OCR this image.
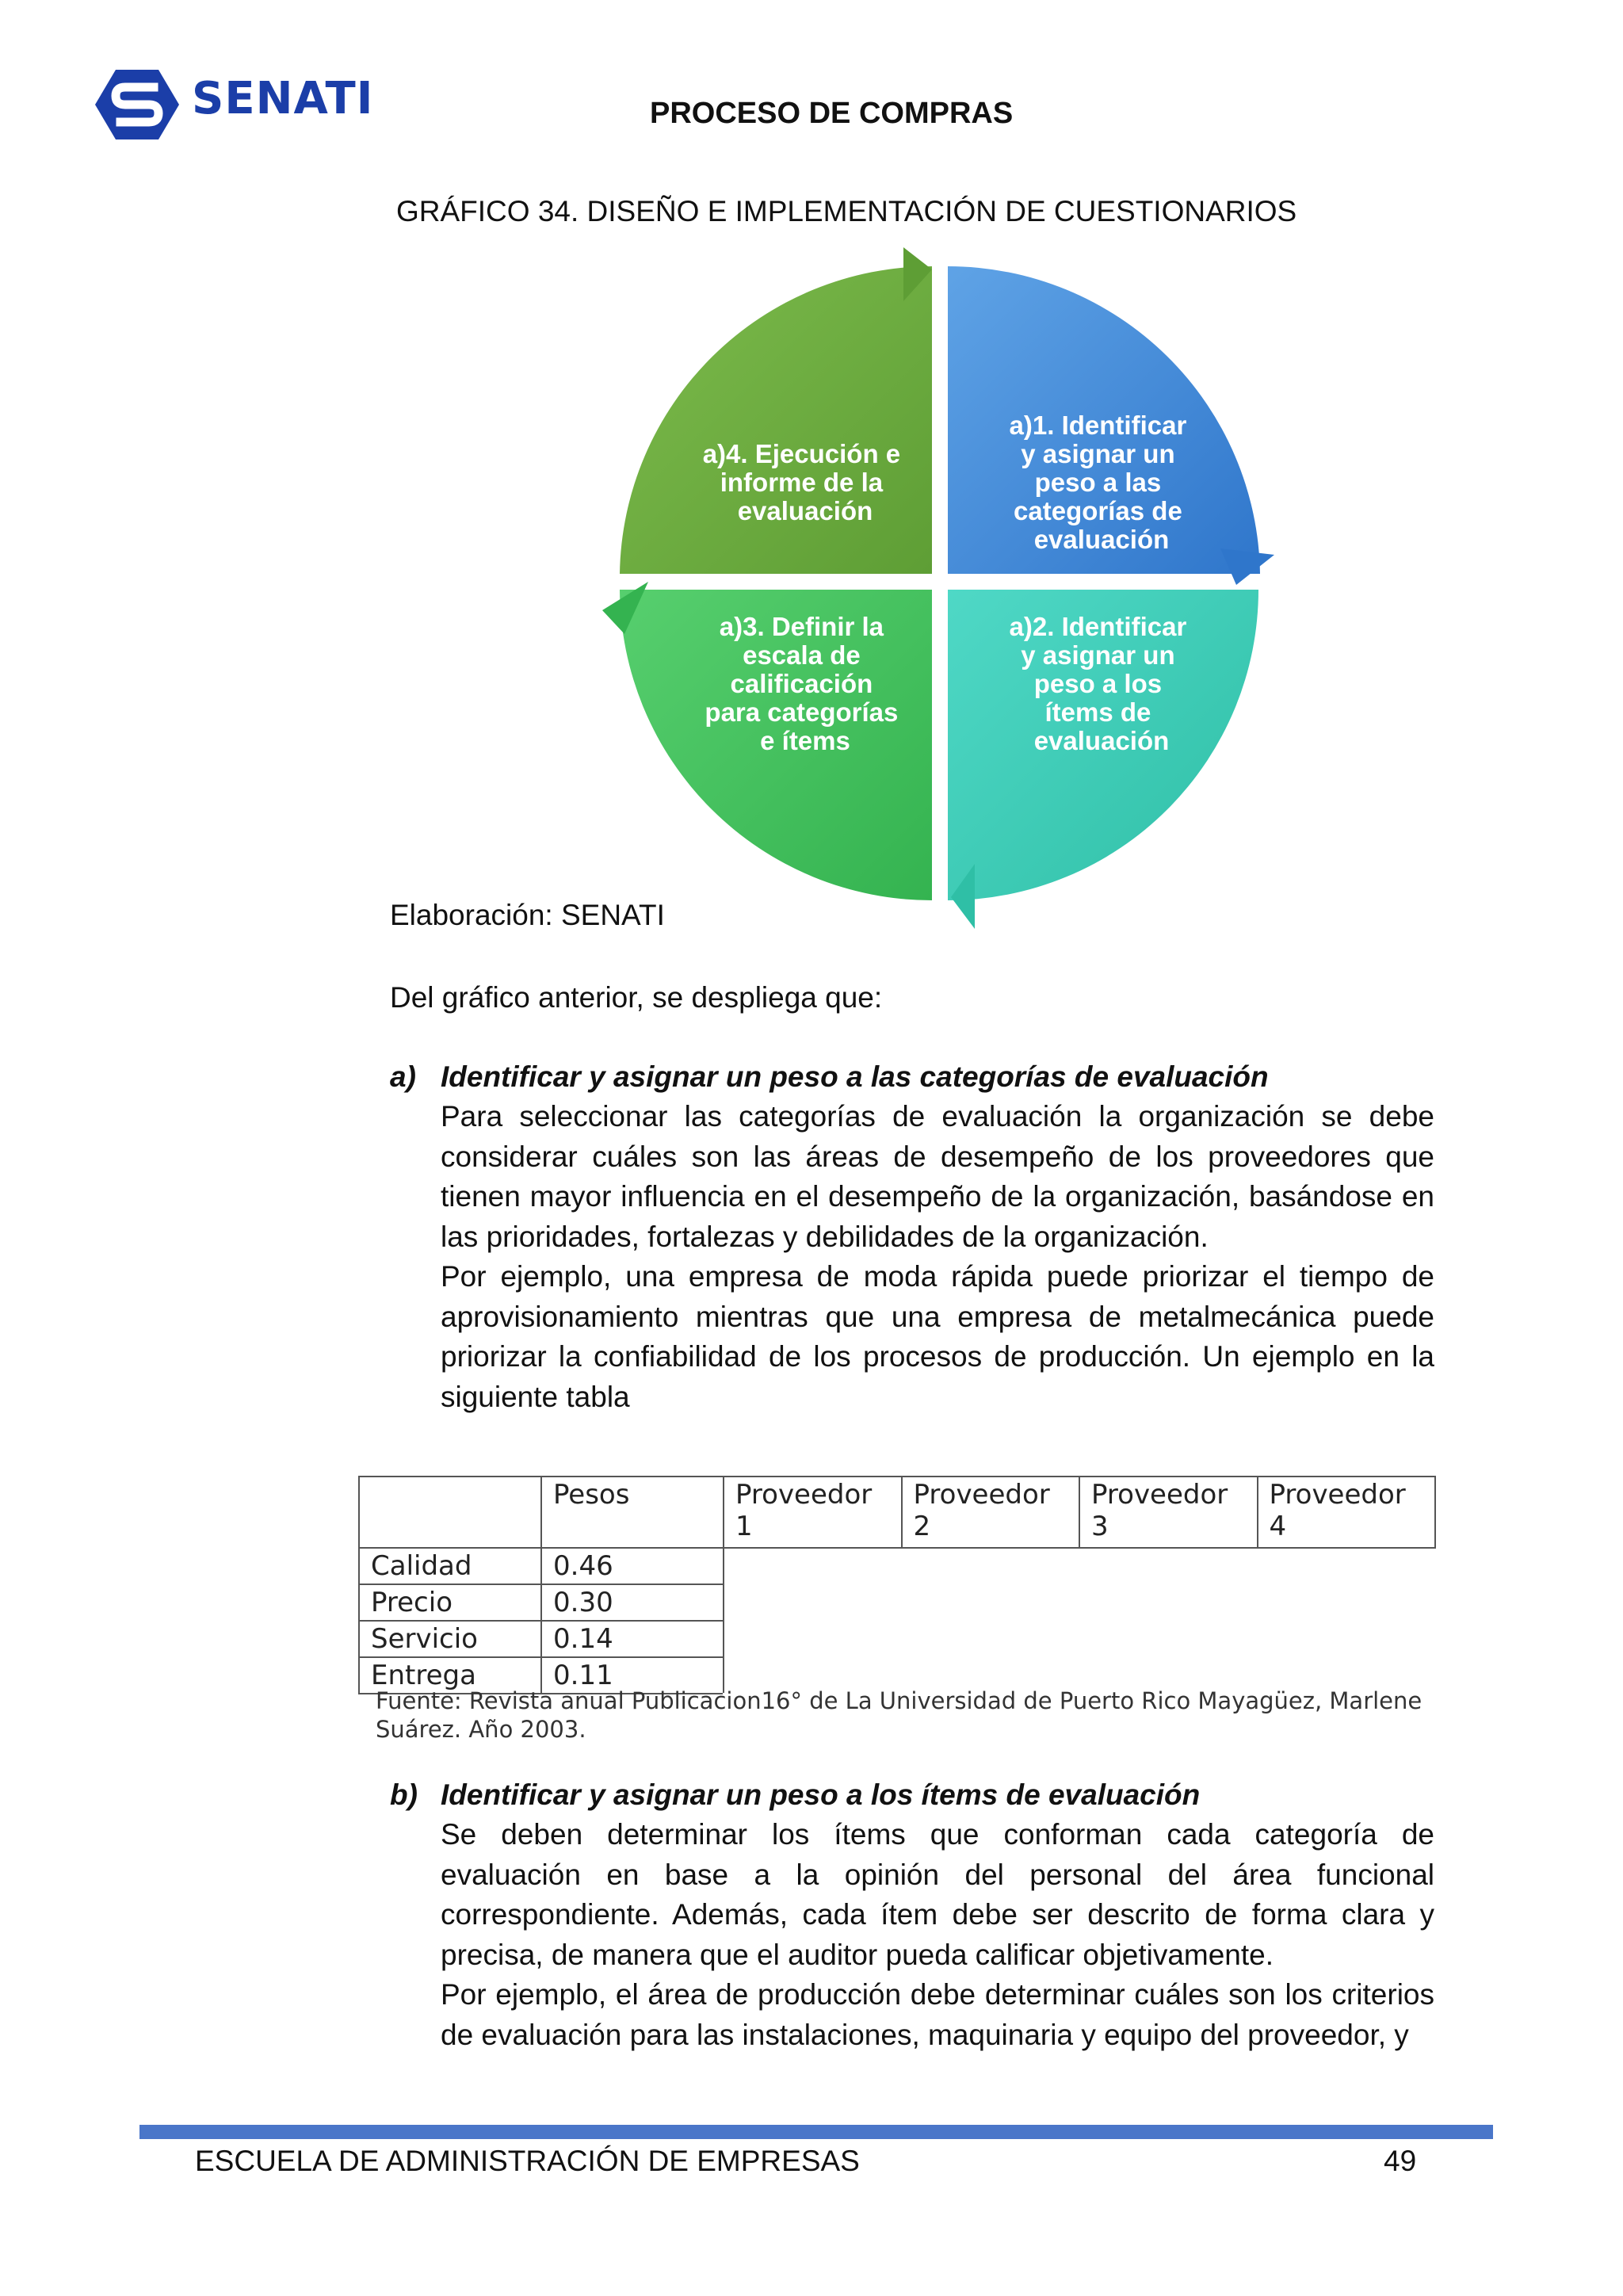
SENATI	PROCESO DE COMPRAS
GRÁFICO 34. DISEÑO E IMPLEMENTACIÓN DE CUESTIONARIOS
a)1. Identificar y asignar un peso a las categorías de evaluación
a)2. Identificar y asignar un peso a los ítems de evaluación
a)3. Definir la escala de calificación para categorías e ítems
a)4. Ejecución e informe de la evaluación
Elaboración: SENATI
Del gráfico anterior, se despliega que:
a) Identificar y asignar un peso a las categorías de evaluación
Para seleccionar las categorías de evaluación la organización se debe considerar cuáles son las áreas de desempeño de los proveedores que tienen mayor influencia en el desempeño de la organización, basándose en las prioridades, fortalezas y debilidades de la organización.
Por ejemplo, una empresa de moda rápida puede priorizar el tiempo de aprovisionamiento mientras que una empresa de metalmecánica puede priorizar la confiabilidad de los procesos de producción. Un ejemplo en la siguiente tabla
	Pesos	Proveedor 1	Proveedor 2	Proveedor 3	Proveedor 4
Calidad	0.46				
Precio	0.30				
Servicio	0.14				
Entrega	0.11				
Fuente: Revista anual Publicacion16° de La Universidad de Puerto Rico Mayagüez, Marlene Suárez. Año 2003.
b) Identificar y asignar un peso a los ítems de evaluación
Se deben determinar los ítems que conforman cada categoría de evaluación en base a la opinión del personal del área funcional correspondiente. Además, cada ítem debe ser descrito de forma clara y precisa, de manera que el auditor pueda calificar objetivamente.
Por ejemplo, el área de producción debe determinar cuáles son los criterios de evaluación para las instalaciones, maquinaria y equipo del proveedor, y
ESCUELA DE ADMINISTRACIÓN DE EMPRESAS	49
